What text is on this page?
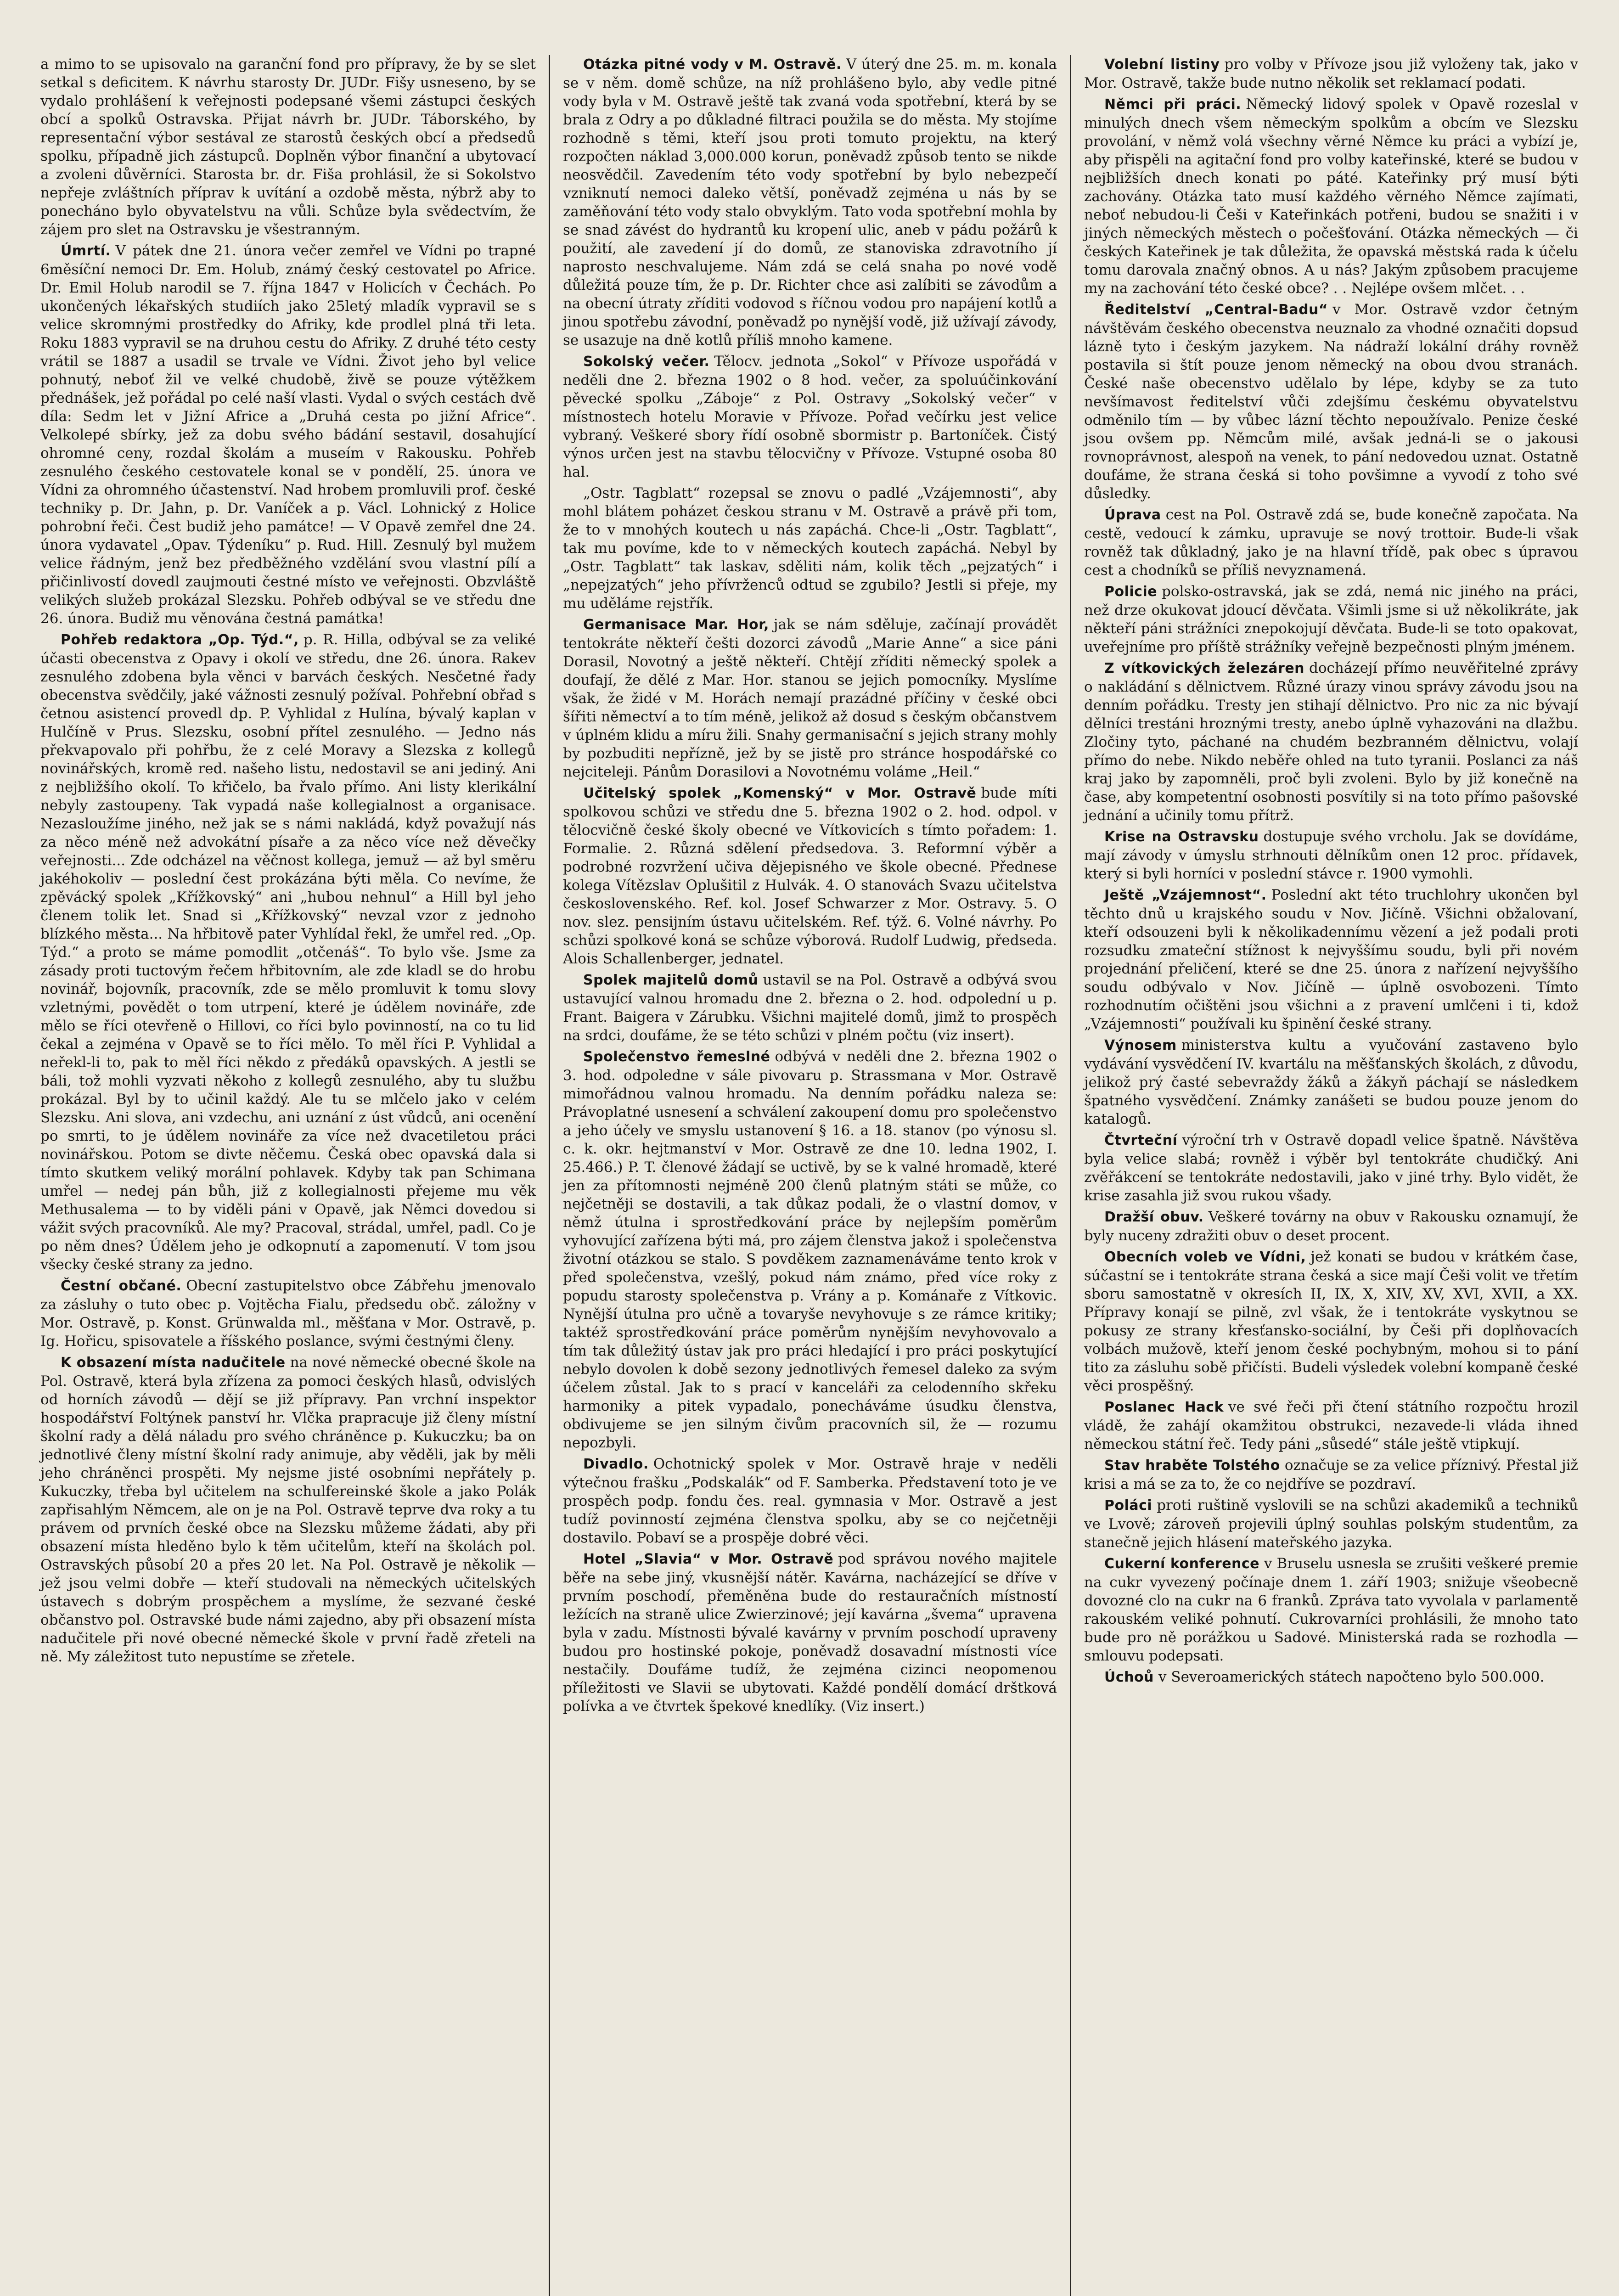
a mimo to se upisovalo na garanční fond pro přípravy, že by se slet setkal s deficitem. K návrhu starosty Dr. JUDr. Fišy usneseno, by se vydalo prohlášení k veřejnosti podepsané všemi zástupci českých obcí a spolků Ostravska. Přijat návrh br. JUDr. Táborského, by representační výbor sestával ze starostů českých obcí a předsedů spolku, případně jich zástupců. Doplněn výbor finanční a ubytovací a zvoleni důvěrníci. Starosta br. dr. Fiša prohlásil, že si Sokolstvo nepřeje zvláštních příprav k uvítání a ozdobě města, nýbrž aby to ponecháno bylo obyvatelstvu na vůli. Schůze byla svědectvím, že zájem pro slet na Ostravsku je všestranným.

Úmrtí. V pátek dne 21. února večer zemřel ve Vídni po trapné 6měsíční nemoci Dr. Em. Holub, známý český cestovatel po Africe. Dr. Emil Holub narodil se 7. října 1847 v Holicích v Čechách. Po ukončených lékařských studiích jako 25letý mladík vypravil se s velice skromnými prostředky do Afriky, kde prodlel plná tři leta. Roku 1883 vypravil se na druhou cestu do Afriky. Z druhé této cesty vrátil se 1887 a usadil se trvale ve Vídni. Život jeho byl velice pohnutý, neboť žil ve velké chudobě, živě se pouze výtěžkem přednášek, jež pořádal po celé naší vlasti. Vydal o svých cestách dvě díla: Sedm let v Jižní Africe a „Druhá cesta po jižní Africe“. Velkolepé sbírky, jež za dobu svého bádání sestavil, dosahující ohromné ceny, rozdal školám a museím v Rakousku. Pohřeb zesnulého českého cestovatele konal se v pondělí, 25. února ve Vídni za ohromného účastenství. Nad hrobem promluvili prof. české techniky p. Dr. Jahn, p. Dr. Vaníček a p. Václ. Lohnický z Holice pohrobní řeči. Čest budiž jeho památce! — V Opavě zemřel dne 24. února vydavatel „Opav. Týdeníku“ p. Rud. Hill. Zesnulý byl mužem velice řádným, jenž bez předběžného vzdělání svou vlastní pílí a přičinlivostí dovedl zaujmouti čestné místo ve veřejnosti. Obzvláště velikých služeb prokázal Slezsku. Pohřeb odbýval se ve středu dne 26. února. Budiž mu věnována čestná památka!

Pohřeb redaktora „Op. Týd.“, p. R. Hilla, odbýval se za veliké účasti obecenstva z Opavy i okolí ve středu, dne 26. února. Rakev zesnulého zdobena byla věnci v barvách českých. Nesčetné řady obecenstva svědčily, jaké vážnosti zesnulý požíval. Pohřební obřad s četnou asistencí provedl dp. P. Vyhlidal z Hulína, bývalý kaplan v Hulčíně v Prus. Slezsku, osobní přítel zesnulého. — Jedno nás překvapovalo při pohřbu, že z celé Moravy a Slezska z kollegů novinářských, kromě red. našeho listu, nedostavil se ani jediný. Ani z nejbližšího okolí. To křičelo, ba řvalo přímo. Ani listy klerikální nebyly zastoupeny. Tak vypadá naše kollegialnost a organisace. Nezasloužíme jiného, než jak se s námi nakládá, když považují nás za něco méně než advokátní písaře a za něco více než děvečky veřejnosti... Zde odcházel na věčnost kollega, jemuž — až byl směru jakéhokoliv — poslední čest prokázána býti měla. Co nevíme, že zpěvácký spolek „Křížkovský“ ani „hubou nehnul“ a Hill byl jeho členem tolik let. Snad si „Křížkovský“ nevzal vzor z jednoho blízkého města... Na hřbitově pater Vyhlídal řekl, že umřel red. „Op. Týd.“ a proto se máme pomodlit „otčenáš“. To bylo vše. Jsme za zásady proti tuctovým řečem hřbitovním, ale zde kladl se do hrobu novinář, bojovník, pracovník, zde se mělo promluvit k tomu slovy vzletnými, povědět o tom utrpení, které je údělem novináře, zde mělo se říci otevřeně o Hillovi, co říci bylo povinností, na co tu lid čekal a zejména v Opavě se to říci mělo. To měl říci P. Vyhlidal a neřekl-li to, pak to měl říci někdo z předáků opavských. A jestli se báli, tož mohli vyzvati někoho z kollegů zesnulého, aby tu službu prokázal. Byl by to učinil každý. Ale tu se mlčelo jako v celém Slezsku. Ani slova, ani vzdechu, ani uznání z úst vůdců, ani ocenění po smrti, to je údělem novináře za více než dvacetiletou práci novinářskou. Potom se divte něčemu. Česká obec opavská dala si tímto skutkem veliký morální pohlavek. Kdyby tak pan Schimana umřel — nedej pán bůh, již z kollegialnosti přejeme mu věk Methusalema — to by viděli páni v Opavě, jak Němci dovedou si vážit svých pracovníků. Ale my? Pracoval, strádal, umřel, padl. Co je po něm dnes? Údělem jeho je odkopnutí a zapomenutí. V tom jsou všecky české strany za jedno.

Čestní občané. Obecní zastupitelstvo obce Zábřehu jmenovalo za zásluhy o tuto obec p. Vojtěcha Fialu, předsedu obč. záložny v Mor. Ostravě, p. Konst. Grünwalda ml., měšťana v Mor. Ostravě, p. Ig. Hořicu, spisovatele a říšského poslance, svými čestnými členy.

K obsazení místa nadučitele na nové německé obecné škole na Pol. Ostravě, která byla zřízena za pomoci českých hlasů, odvislých od horních závodů — dějí se již přípravy. Pan vrchní inspektor hospodářství Foltýnek panství hr. Vlčka prapracuje již členy místní školní rady a dělá náladu pro svého chráněnce p. Kukuczku; ba on jednotlivé členy místní školní rady animuje, aby věděli, jak by měli jeho chráněnci prospěti. My nejsme jisté osobními nepřátely p. Kukuczky, třeba byl učitelem na schulfereinské škole a jako Polák zapřisahlým Němcem, ale on je na Pol. Ostravě teprve dva roky a tu právem od prvních české obce na Slezsku můžeme žádati, aby při obsazení místa hleděno bylo k těm učitelům, kteří na školách pol. Ostravských působí 20 a přes 20 let. Na Pol. Ostravě je několik — jež jsou velmi dobře — kteří studovali na německých učitelských ústavech s dobrým prospěchem a myslíme, že sezvané české občanstvo pol. Ostravské bude námi zajedno, aby při obsazení místa nadučitele při nové obecné německé škole v první řadě zřeteli na ně. My záležitost tuto nepustíme se zřetele.

Otázka pitné vody v M. Ostravě. V úterý dne 25. m. m. konala se v něm. domě schůze, na níž prohlášeno bylo, aby vedle pitné vody byla v M. Ostravě ještě tak zvaná voda spotřební, která by se brala z Odry a po důkladné filtraci použila se do města. My stojíme rozhodně s těmi, kteří jsou proti tomuto projektu, na který rozpočten náklad 3,000.000 korun, poněvadž způsob tento se nikde neosvědčil. Zavedením této vody spotřební by bylo nebezpečí vzniknutí nemoci daleko větší, poněvadž zejména u nás by se zaměňování této vody stalo obvyklým. Tato voda spotřební mohla by se snad závést do hydrantů ku kropení ulic, aneb v pádu požárů k použití, ale zavedení jí do domů, ze stanoviska zdravotního jí naprosto neschvalujeme. Nám zdá se celá snaha po nové vodě důležitá pouze tím, že p. Dr. Richter chce asi zalíbiti se závodům a na obecní útraty zříditi vodovod s říčnou vodou pro napájení kotlů a jinou spotřebu závodní, poněvadž po nynější vodě, již užívají závody, se usazuje na dně kotlů příliš mnoho kamene.

Sokolský večer. Tělocv. jednota „Sokol“ v Přívoze uspořádá v neděli dne 2. března 1902 o 8 hod. večer, za spoluúčinkování pěvecké spolku „Záboje“ z Pol. Ostravy „Sokolský večer“ v místnostech hotelu Moravie v Přívoze. Pořad večírku jest velice vybraný. Veškeré sbory řídí osobně sbormistr p. Bartoníček. Čistý výnos určen jest na stavbu tělocvičny v Přívoze. Vstupné osoba 80 hal.

„Ostr. Tagblatt“ rozepsal se znovu o padlé „Vzájemnosti“, aby mohl blátem poházet českou stranu v M. Ostravě a právě při tom, že to v mnohých koutech u nás zapáchá. Chce-li „Ostr. Tagblatt“, tak mu povíme, kde to v německých koutech zapáchá. Nebyl by „Ostr. Tagblatt“ tak laskav, sděliti nám, kolik těch „pejzatých“ i „nepejzatých“ jeho přívrženců odtud se zgubilo? Jestli si přeje, my mu uděláme rejstřík.

Germanisace Mar. Hor, jak se nám sděluje, začínají provádět tentokráte někteří češti dozorci závodů „Marie Anne“ a sice páni Dorasil, Novotný a ještě někteří. Chtějí zříditi německý spolek a doufají, že dělé z Mar. Hor. stanou se jejich pomocníky. Myslíme však, že židé v M. Horách nemají prazádné příčiny v české obci šířiti němectví a to tím méně, jelikož až dosud s českým občanstvem v úplném klidu a míru žili. Snahy germanisační s jejich strany mohly by pozbuditi nepřízně, jež by se jistě pro stránce hospodářské co nejciteleji. Pánům Dorasilovi a Novotnému voláme „Heil.“

Učitelský spolek „Komenský“ v Mor. Ostravě bude míti spolkovou schůzi ve středu dne 5. března 1902 o 2. hod. odpol. v tělocvičně české školy obecné ve Vítkovicích s tímto pořadem: 1. Formalie. 2. Různá sdělení předsedova. 3. Reformní výběr a podrobné rozvržení učiva dějepisného ve škole obecné. Přednese kolega Vítězslav Oplušitil z Hulvák. 4. O stanovách Svazu učitelstva československého. Ref. kol. Josef Schwarzer z Mor. Ostravy. 5. O nov. slez. pensijním ústavu učitelském. Ref. týž. 6. Volné návrhy. Po schůzi spolkové koná se schůze výborová. Rudolf Ludwig, předseda. Alois Schallenberger, jednatel.

Spolek majitelů domů ustavil se na Pol. Ostravě a odbývá svou ustavující valnou hromadu dne 2. března o 2. hod. odpolední u p. Frant. Baigera v Zárubku. Všichni majitelé domů, jimž to prospěch na srdci, doufáme, že se této schůzi v plném počtu (viz insert).

Společenstvo řemeslné odbývá v neděli dne 2. března 1902 o 3. hod. odpoledne v sále pivovaru p. Strassmana v Mor. Ostravě mimořádnou valnou hromadu. Na denním pořádku naleza se: Právoplatné usnesení a schválení zakoupení domu pro společenstvo a jeho účely ve smyslu ustanovení § 16. a 18. stanov (po výnosu sl. c. k. okr. hejtmanství v Mor. Ostravě ze dne 10. ledna 1902, I. 25.466.) P. T. členové žádají se uctivě, by se k valné hromadě, které jen za přítomnosti nejméně 200 členů platným státi se může, co nejčetněji se dostavili, a tak důkaz podali, že o vlastní domov, v němž útulna i sprostředkování práce by nejlepším poměrům vyhovující zařízena býti má, pro zájem členstva jakož i společenstva životní otázkou se stalo. S povděkem zaznamenáváme tento krok v před společenstva, vzešlý, pokud nám známo, před více roky z popudu starosty společenstva p. Vrány a p. Kománaře z Vítkovic. Nynější útulna pro učně a tovaryše nevyhovuje s ze rámce kritiky; taktéž sprostředkování práce poměrům nynějším nevyhovovalo a tím tak důležitý ústav jak pro práci hledající i pro práci poskytující nebylo dovolen k době sezony jednotlivých řemesel daleko za svým účelem zůstal. Jak to s prací v kanceláři za celodenního skřeku harmoniky a pitek vypadalo, ponecháváme úsudku členstva, obdivujeme se jen silným čivům pracovních sil, že — rozumu nepozbyli.

Divadlo. Ochotnický spolek v Mor. Ostravě hraje v neděli výtečnou frašku „Podskalák“ od F. Samberka. Představení toto je ve prospěch podp. fondu čes. real. gymnasia v Mor. Ostravě a jest tudíž povinností zejména členstva spolku, aby se co nejčetněji dostavilo. Pobaví se a prospěje dobré věci.

Hotel „Slavia“ v Mor. Ostravě pod správou nového majitele běře na sebe jiný, vkusnější nátěr. Kavárna, nacházející se dříve v prvním poschodí, přeměněna bude do restauračních místností ležících na straně ulice Zwierzinové; její kavárna „švema“ upravena byla v zadu. Místnosti bývalé kavárny v prvním poschodí upraveny budou pro hostinské pokoje, poněvadž dosavadní místnosti více nestačily. Doufáme tudíž, že zejména cizinci neopomenou příležitosti ve Slavii se ubytovati. Každé pondělí domácí drštková polívka a ve čtvrtek špekové knedlíky. (Viz insert.)

Volební listiny pro volby v Přívoze jsou již vyloženy tak, jako v Mor. Ostravě, takže bude nutno několik set reklamací podati.

Němci při práci. Německý lidový spolek v Opavě rozeslal v minulých dnech všem německým spolkům a obcím ve Slezsku provolání, v němž volá všechny věrné Němce ku práci a vybízí je, aby přispěli na agitační fond pro volby kateřinské, které se budou v nejbližších dnech konati po páté. Kateřinky prý musí býti zachovány. Otázka tato musí každého věrného Němce zajímati, neboť nebudou-li Češi v Kateřinkách potřeni, budou se snažiti i v jiných německých městech o počešťování. Otázka německých — či českých Kateřinek je tak důležita, že opavská městská rada k účelu tomu darovala značný obnos. A u nás? Jakým způsobem pracujeme my na zachování této české obce? . . Nejlépe ovšem mlčet. . .

Ředitelství „Central-Badu“ v Mor. Ostravě vzdor četným návštěvám českého obecenstva neuznalo za vhodné označiti dopsud lázně tyto i českým jazykem. Na nádraží lokální dráhy rovněž postavila si štít pouze jenom německý na obou dvou stranách. České naše obecenstvo udělalo by lépe, kdyby se za tuto nevšímavost ředitelství vůči zdejšímu českému obyvatelstvu odměnilo tím — by vůbec lázní těchto nepoužívalo. Penize české jsou ovšem pp. Němcům milé, avšak jedná-li se o jakousi rovnoprávnost, alespoň na venek, to pání nedovedou uznat. Ostatně doufáme, že strana česká si toho povšimne a vyvodí z toho své důsledky.

Úprava cest na Pol. Ostravě zdá se, bude konečně započata. Na cestě, vedoucí k zámku, upravuje se nový trottoir. Bude-li však rovněž tak důkladný, jako je na hlavní třídě, pak obec s úpravou cest a chodníků se příliš nevyznamená.

Policie polsko-ostravská, jak se zdá, nemá nic jiného na práci, než drze okukovat jdoucí děvčata. Všimli jsme si už několikráte, jak někteří páni strážníci znepokojují děvčata. Bude-li se toto opakovat, uveřejníme pro příště strážníky veřejně bezpečnosti plným jménem.

Z vítkovických železáren docházejí přímo neuvěřitelné zprávy o nakládání s dělnictvem. Různé úrazy vinou správy závodu jsou na denním pořádku. Tresty jen stihají dělnictvo. Pro nic za nic bývají dělníci trestáni hroznými tresty, anebo úplně vyhazováni na dlažbu. Zločiny tyto, páchané na chudém bezbranném dělnictvu, volají přímo do nebe. Nikdo neběře ohled na tuto tyranii. Poslanci za náš kraj jako by zapomněli, proč byli zvoleni. Bylo by již konečně na čase, aby kompetentní osobnosti posvítily si na toto přímo pašovské jednání a učinily tomu přítrž.

Krise na Ostravsku dostupuje svého vrcholu. Jak se dovídáme, mají závody v úmyslu strhnouti dělníkům onen 12 proc. přídavek, který si byli horníci v poslední stávce r. 1900 vymohli.

Ještě „Vzájemnost“. Poslední akt této truchlohry ukončen byl těchto dnů u krajského soudu v Nov. Jičíně. Všichni obžalovaní, kteří odsouzeni byli k několikadennímu vězení a jež podali proti rozsudku zmateční stížnost k nejvyššímu soudu, byli při novém projednání přeličení, které se dne 25. února z nařízení nejvyššího soudu odbývalo v Nov. Jičíně — úplně osvobozeni. Tímto rozhodnutím očištěni jsou všichni a z pravení umlčeni i ti, kdož „Vzájemnosti“ používali ku špinění české strany.

Výnosem ministerstva kultu a vyučování zastaveno bylo vydávání vysvědčení IV. kvartálu na měšťanských školách, z důvodu, jelikož prý časté sebevraždy žáků a žákyň páchají se následkem špatného vysvědčení. Známky zanášeti se budou pouze jenom do katalogů.

Čtvrteční výroční trh v Ostravě dopadl velice špatně. Návštěva byla velice slabá; rovněž i výběr byl tentokráte chudičký. Ani zvěřákcení se tentokráte nedostavili, jako v jiné trhy. Bylo vidět, že krise zasahla již svou rukou všady.

Dražší obuv. Veškeré továrny na obuv v Rakousku oznamují, že byly nuceny zdražiti obuv o deset procent.

Obecních voleb ve Vídni, jež konati se budou v krátkém čase, súčastní se i tentokráte strana česká a sice mají Češi volit ve třetím sboru samostatně v okresích II, IX, X, XIV, XV, XVI, XVII, a XX. Přípravy konají se pilně, zvl však, že i tentokráte vyskytnou se pokusy ze strany křesťansko-sociální, by Češi při doplňovacích volbách mužově, kteří jenom české pochybným, mohou si to pání tito za zásluhu sobě přičísti. Budeli výsledek volební kompaně české věci prospěšný.

Poslanec Hack ve své řeči při čtení státního rozpočtu hrozil vládě, že zahájí okamžitou obstrukci, nezavede-li vláda ihned německou státní řeč. Tedy páni „sůsedé“ stále ještě vtipkují.

Stav hraběte Tolstého označuje se za velice příznivý. Přestal již krisi a má se za to, že co nejdříve se pozdraví.

Poláci proti ruštině vyslovili se na schůzi akademiků a techniků ve Lvově; zároveň projevili úplný souhlas polským studentům, za stanečně jejich hlásení mateřského jazyka.

Cukerní konference v Bruselu usnesla se zrušiti veškeré premie na cukr vyvezený počínaje dnem 1. září 1903; snižuje všeobecně dovozné clo na cukr na 6 franků. Zpráva tato vyvolala v parlamentě rakouském veliké pohnutí. Cukrovarníci prohlásili, že mnoho tato bude pro ně porážkou u Sadové. Ministerská rada se rozhodla — smlouvu podepsati.

Úchoů v Severoamerických státech napočteno bylo 500.000.
